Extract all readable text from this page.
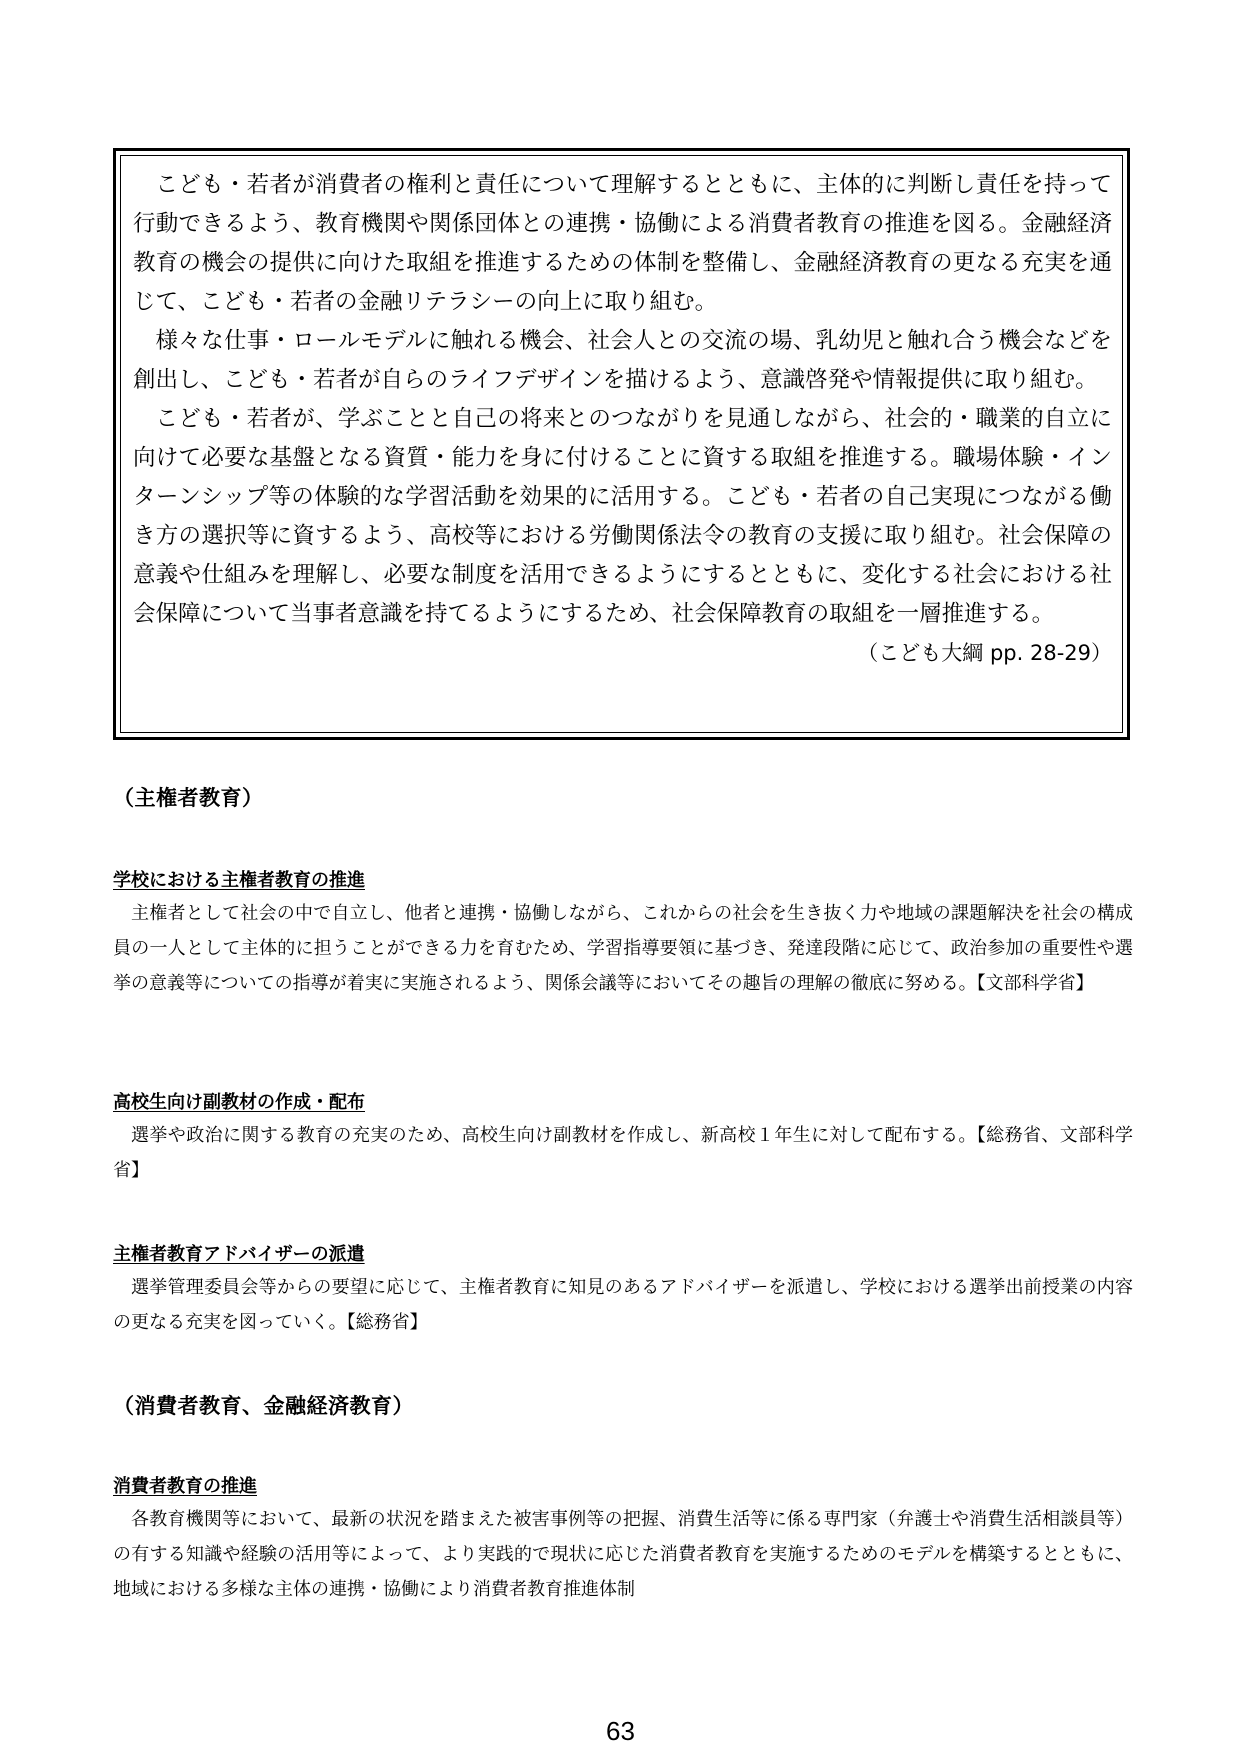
こども・若者が消費者の権利と責任について理解するとともに、主体的に判断し責任を持って行動できるよう、教育機関や関係団体との連携・協働による消費者教育の推進を図る。金融経済教育の機会の提供に向けた取組を推進するための体制を整備し、金融経済教育の更なる充実を通じて、こども・若者の金融リテラシーの向上に取り組む。

様々な仕事・ロールモデルに触れる機会、社会人との交流の場、乳幼児と触れ合う機会などを創出し、こども・若者が自らのライフデザインを描けるよう、意識啓発や情報提供に取り組む。

こども・若者が、学ぶことと自己の将来とのつながりを見通しながら、社会的・職業的自立に向けて必要な基盤となる資質・能力を身に付けることに資する取組を推進する。職場体験・インターンシップ等の体験的な学習活動を効果的に活用する。こども・若者の自己実現につながる働き方の選択等に資するよう、高校等における労働関係法令の教育の支援に取り組む。社会保障の意義や仕組みを理解し、必要な制度を活用できるようにするとともに、変化する社会における社会保障について当事者意識を持てるようにするため、社会保障教育の取組を一層推進する。

（こども大綱 pp. 28-29）

（主権者教育）
学校における主権者教育の推進

主権者として社会の中で自立し、他者と連携・協働しながら、これからの社会を生き抜く力や地域の課題解決を社会の構成員の一人として主体的に担うことができる力を育むため、学習指導要領に基づき、発達段階に応じて、政治参加の重要性や選挙の意義等についての指導が着実に実施されるよう、関係会議等においてその趣旨の理解の徹底に努める。【文部科学省】

高校生向け副教材の作成・配布

選挙や政治に関する教育の充実のため、高校生向け副教材を作成し、新高校１年生に対して配布する。【総務省、文部科学省】

主権者教育アドバイザーの派遣

選挙管理委員会等からの要望に応じて、主権者教育に知見のあるアドバイザーを派遣し、学校における選挙出前授業の内容の更なる充実を図っていく。【総務省】

（消費者教育、金融経済教育）
消費者教育の推進

各教育機関等において、最新の状況を踏まえた被害事例等の把握、消費生活等に係る専門家（弁護士や消費生活相談員等）の有する知識や経験の活用等によって、より実践的で現状に応じた消費者教育を実施するためのモデルを構築するとともに、地域における多様な主体の連携・協働により消費者教育推進体制

63
